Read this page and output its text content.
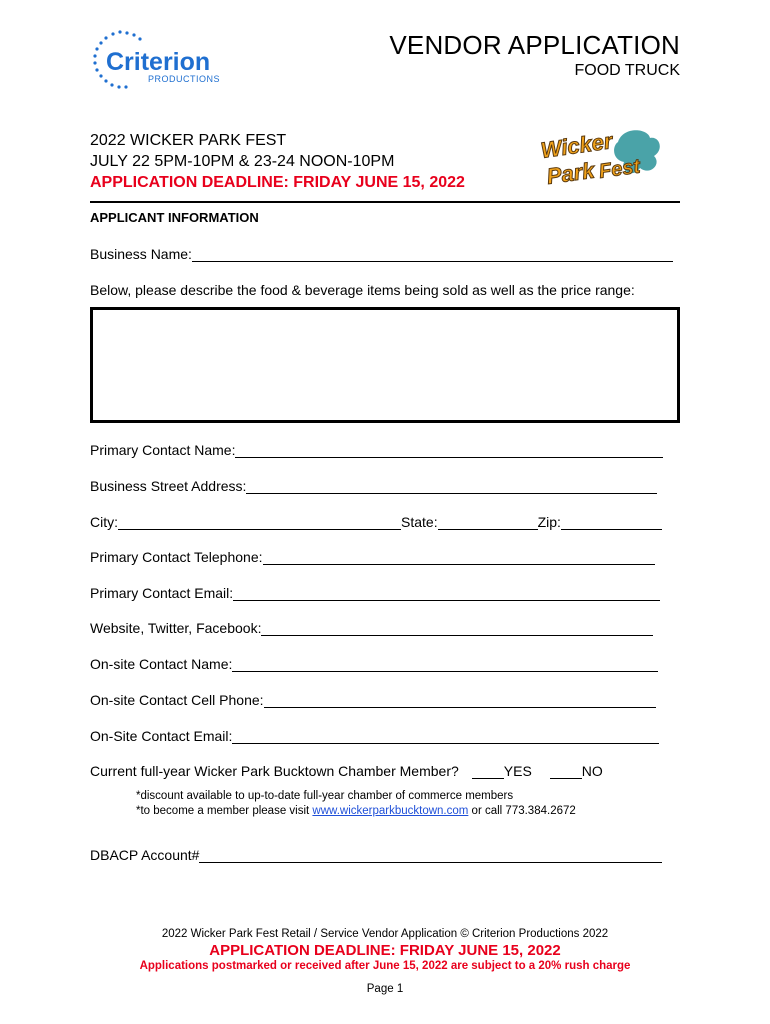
Criterion
PRODUCTIONS
VENDOR APPLICATION
FOOD TRUCK
2022 WICKER PARK FEST
JULY 22 5PM-10PM & 23-24 NOON-10PM
APPLICATION DEADLINE: FRIDAY JUNE 15, 2022
Wicker
Park Fest
APPLICANT INFORMATION
Business Name:
Below, please describe the food & beverage items being sold as well as the price range:
Primary Contact Name:
Business Street Address:
City:	State:	Zip:
Primary Contact Telephone:
Primary Contact Email:
Website, Twitter, Facebook:
On-site Contact Name:
On-site Contact Cell Phone:
On-Site Contact Email:
Current full-year Wicker Park Bucktown Chamber Member?	YES	NO
*discount available to up-to-date full-year chamber of commerce members
*to become a member please visit www.wickerparkbucktown.com or call 773.384.2672
DBACP Account#
2022 Wicker Park Fest Retail / Service Vendor Application © Criterion Productions 2022
APPLICATION DEADLINE: FRIDAY JUNE 15, 2022
Applications postmarked or received after June 15, 2022 are subject to a 20% rush charge
Page 1
